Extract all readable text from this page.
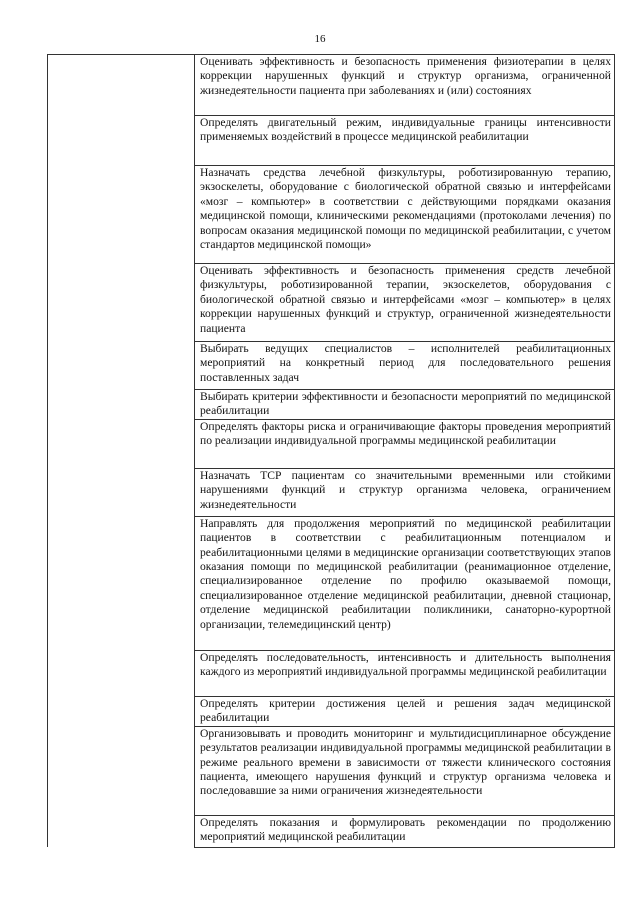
16

Оценивать эффективность и безопасность применения физиотерапии в целях коррекции нарушенных функций и структур организма, ограниченной жизнедеятельности пациента при заболеваниях и (или) состояниях

Определять двигательный режим, индивидуальные границы интенсивности применяемых воздействий в процессе медицинской реабилитации

Назначать средства лечебной физкультуры, роботизированную терапию, экзоскелеты, оборудование с биологической обратной связью и интерфейсами «мозг – компьютер» в соответствии с действующими порядками оказания медицинской помощи, клиническими рекомендациями (протоколами лечения) по вопросам оказания медицинской помощи по медицинской реабилитации, с учетом стандартов медицинской помощи»

Оценивать эффективность и безопасность применения средств лечебной физкультуры, роботизированной терапии, экзоскелетов, оборудования с биологической обратной связью и интерфейсами «мозг – компьютер» в целях коррекции нарушенных функций и структур, ограниченной жизнедеятельности пациента

Выбирать ведущих специалистов – исполнителей реабилитационных мероприятий на конкретный период для последовательного решения поставленных задач

Выбирать критерии эффективности и безопасности мероприятий по медицинской реабилитации

Определять факторы риска и ограничивающие факторы проведения мероприятий по реализации индивидуальной программы медицинской реабилитации

Назначать ТСР пациентам со значительными временными или стойкими нарушениями функций и структур организма человека, ограничением жизнедеятельности

Направлять для продолжения мероприятий по медицинской реабилитации пациентов в соответствии с реабилитационным потенциалом и реабилитационными целями в медицинские организации соответствующих этапов оказания помощи по медицинской реабилитации (реанимационное отделение, специализированное отделение по профилю оказываемой помощи, специализированное отделение медицинской реабилитации, дневной стационар, отделение медицинской реабилитации поликлиники, санаторно-курортной организации, телемедицинский центр)

Определять последовательность, интенсивность и длительность выполнения каждого из мероприятий индивидуальной программы медицинской реабилитации

Определять критерии достижения целей и решения задач медицинской реабилитации

Организовывать и проводить мониторинг и мультидисциплинарное обсуждение результатов реализации индивидуальной программы медицинской реабилитации в режиме реального времени в зависимости от тяжести клинического состояния пациента, имеющего нарушения функций и структур организма человека и последовавшие за ними ограничения жизнедеятельности

Определять показания и формулировать рекомендации по продолжению мероприятий медицинской реабилитации
